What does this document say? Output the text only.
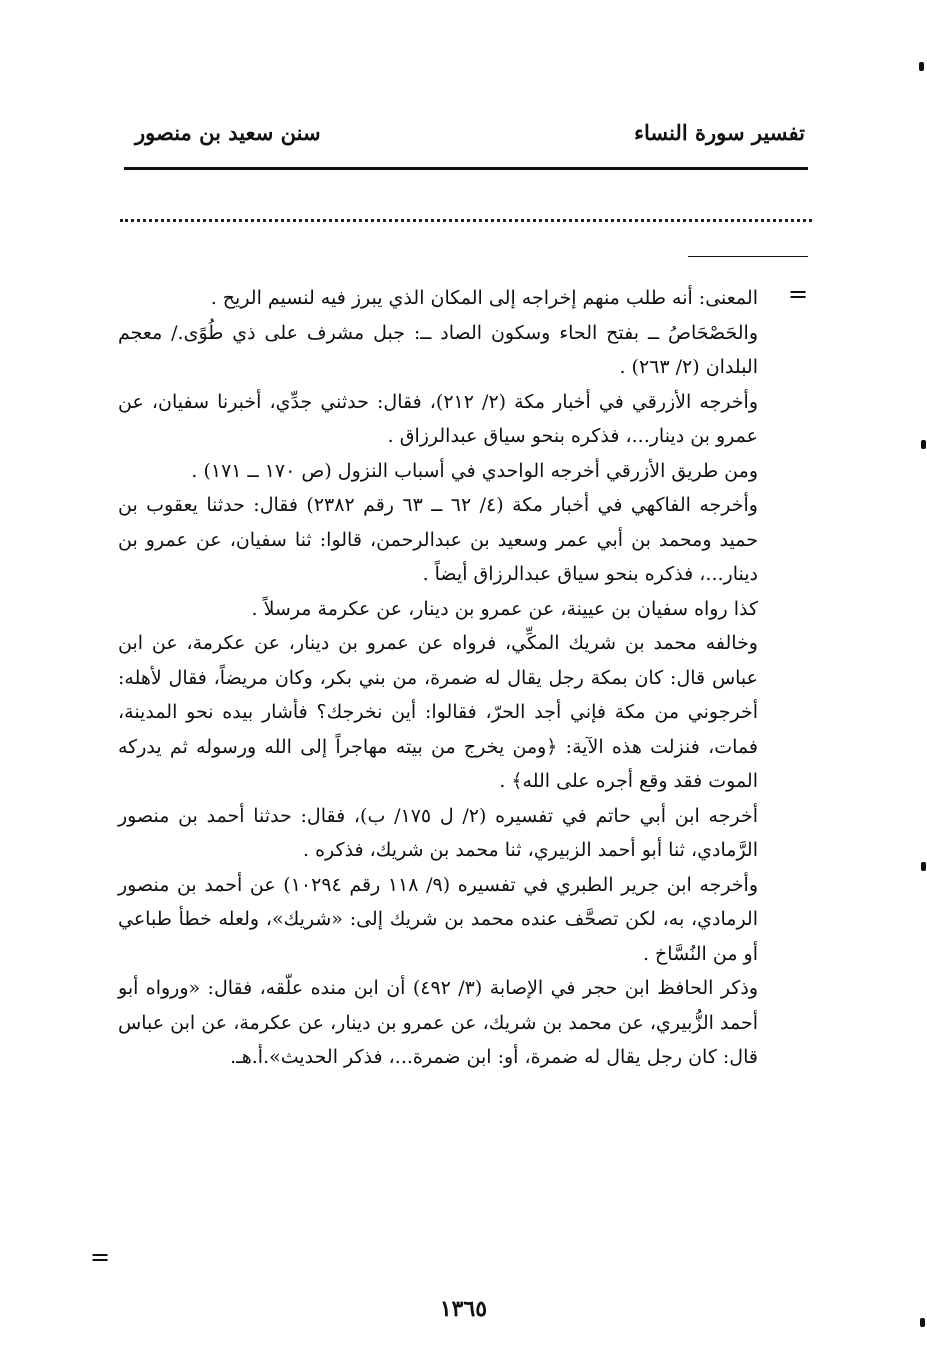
تفسير سورة النساء
سنن سعيد بن منصور
=

المعنى: أنه طلب منهم إخراجه إلى المكان الذي يبرز فيه لنسيم الريح .

والحَصْحَاصُ ــ بفتح الحاء وسكون الصاد ــ: جبل مشرف على ذي طُوًى./ معجم البلدان (٢/ ٢٦٣) .

وأخرجه الأزرقي في أخبار مكة (٢/ ٢١٢)، فقال: حدثني جدِّي، أخبرنا سفيان، عن عمرو بن دينار...، فذكره بنحو سياق عبدالرزاق .

ومن طريق الأزرقي أخرجه الواحدي في أسباب النزول (ص ١٧٠ ــ ١٧١) .

وأخرجه الفاكهي في أخبار مكة (٤/ ٦٢ ــ ٦٣ رقم ٢٣٨٢) فقال: حدثنا يعقوب بن حميد ومحمد بن أبي عمر وسعيد بن عبدالرحمن، قالوا: ثنا سفيان، عن عمرو بن دينار...، فذكره بنحو سياق عبدالرزاق أيضاً .

كذا رواه سفيان بن عيينة، عن عمرو بن دينار، عن عكرمة مرسلاً .

وخالفه محمد بن شريك المكِّي، فرواه عن عمرو بن دينار، عن عكرمة، عن ابن عباس قال: كان بمكة رجل يقال له ضمرة، من بني بكر، وكان مريضاً، فقال لأهله: أخرجوني من مكة فإني أجد الحرّ، فقالوا: أين نخرجك؟ فأشار بيده نحو المدينة، فمات، فنزلت هذه الآية: ﴿ومن يخرج من بيته مهاجراً إلى الله ورسوله ثم يدركه الموت فقد وقع أجره على الله﴾ .

أخرجه ابن أبي حاتم في تفسيره (٢/ ل ١٧٥/ ب)، فقال: حدثنا أحمد بن منصور الرَّمادي، ثنا أبو أحمد الزبيري، ثنا محمد بن شريك، فذكره .

وأخرجه ابن جرير الطبري في تفسيره (٩/ ١١٨ رقم ١٠٢٩٤) عن أحمد بن منصور الرمادي، به، لكن تصحَّف عنده محمد بن شريك إلى: «شريك»، ولعله خطأ طباعي أو من النُسَّاخ .

وذكر الحافظ ابن حجر في الإصابة (٣/ ٤٩٢) أن ابن منده علّقه، فقال: «ورواه أبو أحمد الزُّبيري، عن محمد بن شريك، عن عمرو بن دينار، عن عكرمة، عن ابن عباس قال: كان رجل يقال له ضمرة، أو: ابن ضمرة...، فذكر الحديث».أ.هـ.

=
١٣٦٥
